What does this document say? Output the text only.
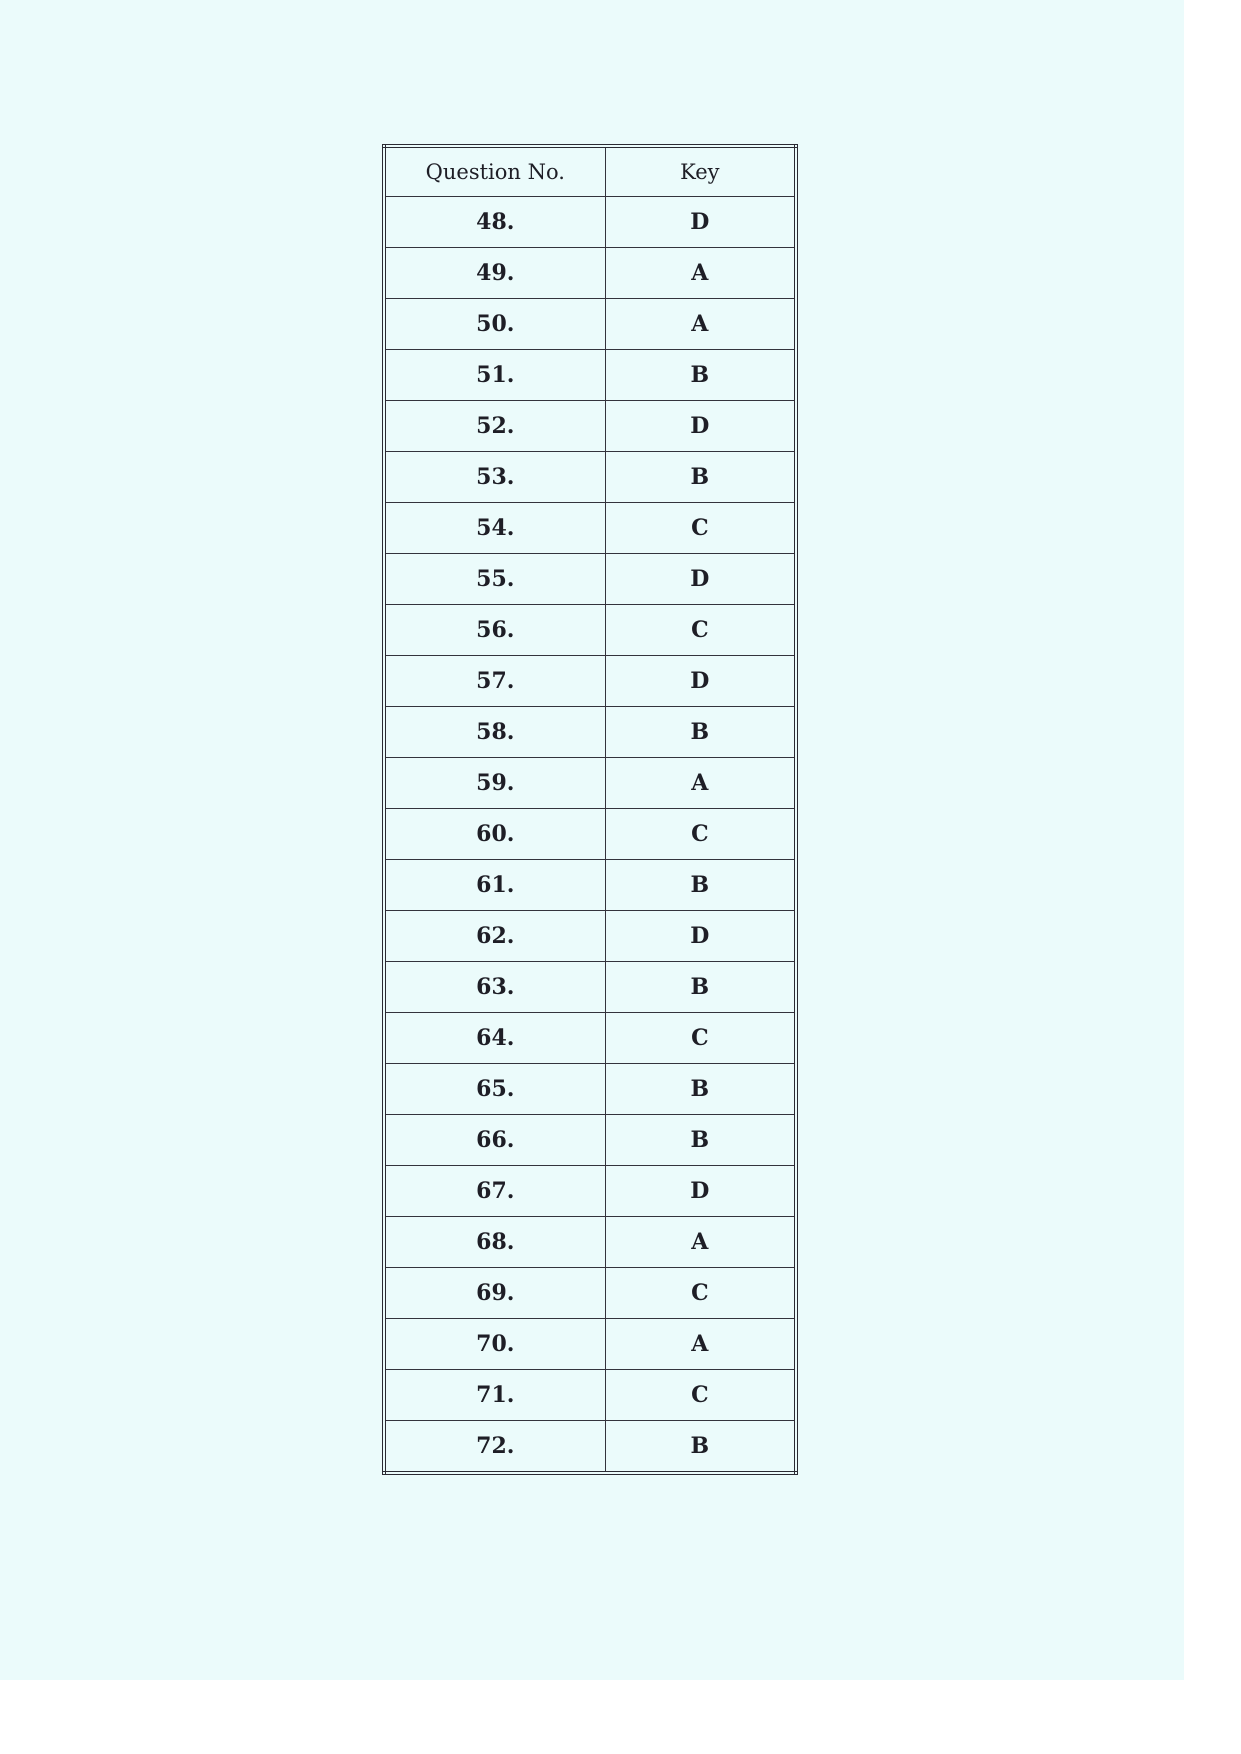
Question No.	Key
48.	D
49.	A
50.	A
51.	B
52.	D
53.	B
54.	C
55.	D
56.	C
57.	D
58.	B
59.	A
60.	C
61.	B
62.	D
63.	B
64.	C
65.	B
66.	B
67.	D
68.	A
69.	C
70.	A
71.	C
72.	B
